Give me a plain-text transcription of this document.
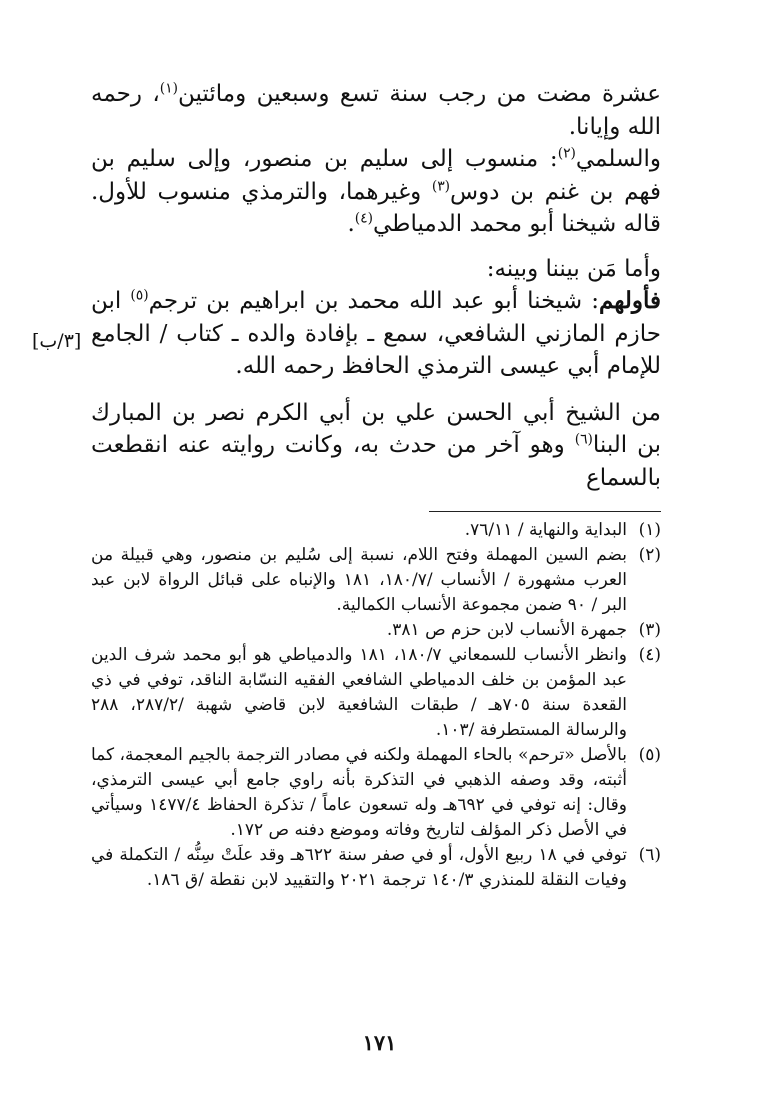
عشرة مضت من رجب سنة تسع وسبعين ومائتين$^{(١)}$، رحمه الله وإيانا.

والسلمي$^{(٢)}$: منسوب إلى سليم بن منصور، وإلى سليم بن فهم بن غنم بن دوس$^{(٣)}$ وغيرهما، والترمذي منسوب للأول. قاله شيخنا أبو محمد الدمياطي$^{(٤)}$.

وأما مَن بيننا وبينه:

فأولهم: شيخنا أبو عبد الله محمد بن ابراهيم بن ترجم$^{(٥)}$ ابن حازم المازني الشافعي، سمع ـ بإفادة والده ـ كتاب / الجامع للإمام أبي عيسى الترمذي الحافظ رحمه الله.

من الشيخ أبي الحسن علي بن أبي الكرم نصر بن المبارك بن البنا$^{(٦)}$ وهو آخر من حدث به، وكانت روايته عنه انقطعت بالسماع

[٣/ب]
(١)
البداية والنهاية / ٧٦/١١.
(٢)
بضم السين المهملة وفتح اللام، نسبة إلى سُليم بن منصور، وهي قبيلة من العرب مشهورة / الأنساب /١٨٠/٧، ١٨١ والإنباه على قبائل الرواة لابن عبد البر / ٩٠ ضمن مجموعة الأنساب الكمالية.
(٣)
جمهرة الأنساب لابن حزم ص ٣٨١.
(٤)
وانظر الأنساب للسمعاني ١٨٠/٧، ١٨١ والدمياطي هو أبو محمد شرف الدين عبد المؤمن بن خلف الدمياطي الشافعي الفقيه النسّابة الناقد، توفي في ذي القعدة سنة ٧٠٥هـ / طبقات الشافعية لابن قاضي شهبة /٢٨٧/٢، ٢٨٨ والرسالة المستطرفة /١٠٣.
(٥)
بالأصل «ترحم» بالحاء المهملة ولكنه في مصادر الترجمة بالجيم المعجمة، كما أثبته، وقد وصفه الذهبي في التذكرة بأنه راوي جامع أبي عيسى الترمذي، وقال: إنه توفي في ٦٩٢هـ وله تسعون عاماً / تذكرة الحفاظ ١٤٧٧/٤ وسيأتي في الأصل ذكر المؤلف لتاريخ وفاته وموضع دفنه ص ١٧٢.
(٦)
توفي في ١٨ ربيع الأول، أو في صفر سنة ٦٢٢هـ وقد علَتْ سِنُّه / التكملة في وفيات النقلة للمنذري ١٤٠/٣ ترجمة ٢٠٢١ والتقييد لابن نقطة /ق ١٨٦.
١٧١
